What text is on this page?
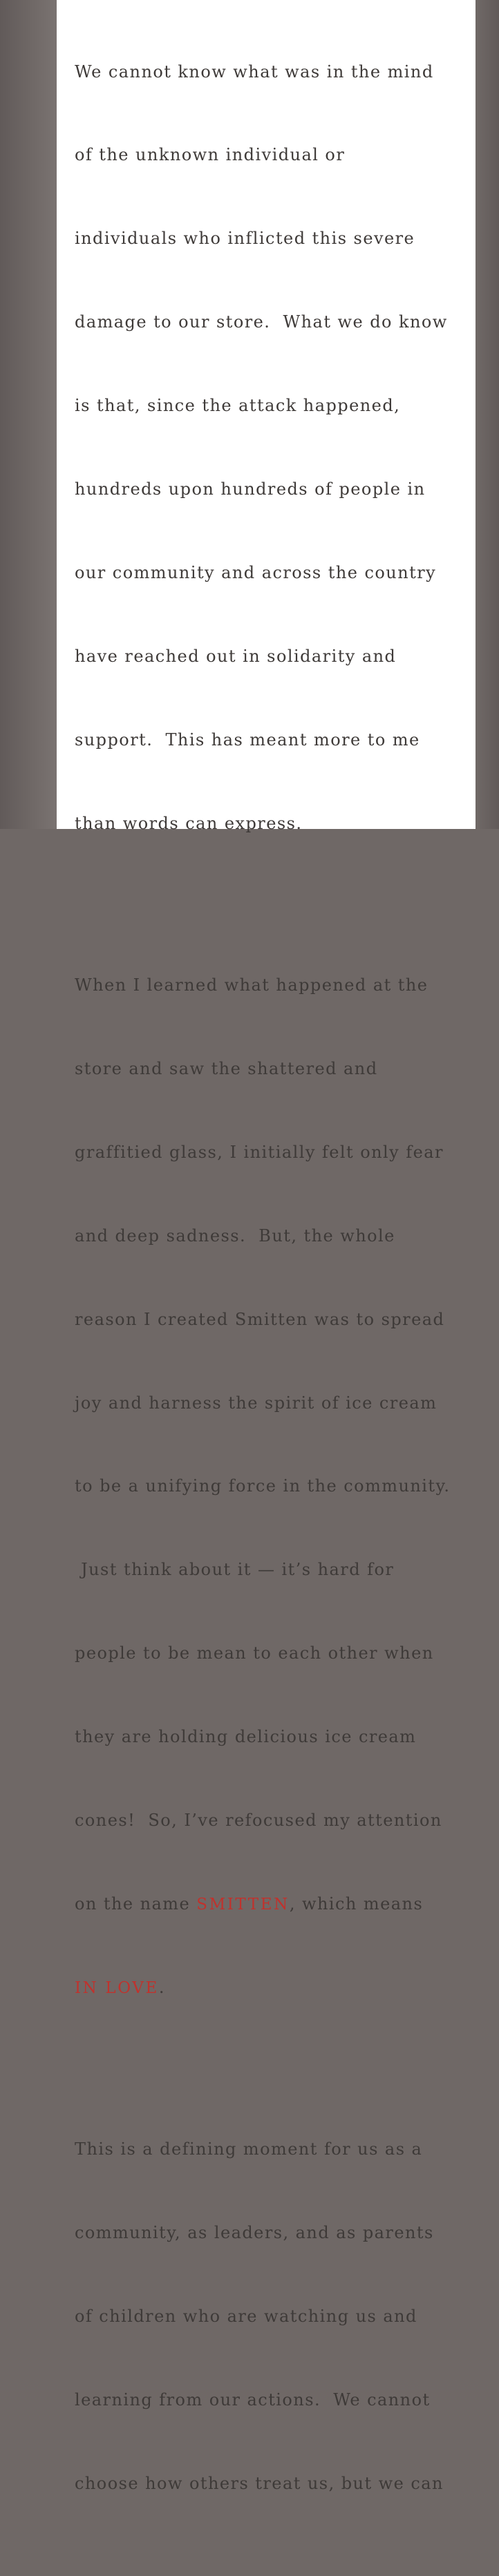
We cannot know what was in the mind

of the unknown individual or

individuals who inflicted this severe

damage to our store.  What we do know

is that, since the attack happened,

hundreds upon hundreds of people in

our community and across the country

have reached out in solidarity and

support.  This has meant more to me

than words can express.

When I learned what happened at the

store and saw the shattered and

graffitied glass, I initially felt only fear

and deep sadness.  But, the whole

reason I created Smitten was to spread

joy and harness the spirit of ice cream

to be a unifying force in the community.

Just think about it — it’s hard for

people to be mean to each other when

they are holding delicious ice cream

cones!  So, I’ve refocused my attention

on the name SMITTEN, which means

IN LOVE.

This is a defining moment for us as a

community, as leaders, and as parents

of children who are watching us and

learning from our actions.  We cannot

choose how others treat us, but we can
